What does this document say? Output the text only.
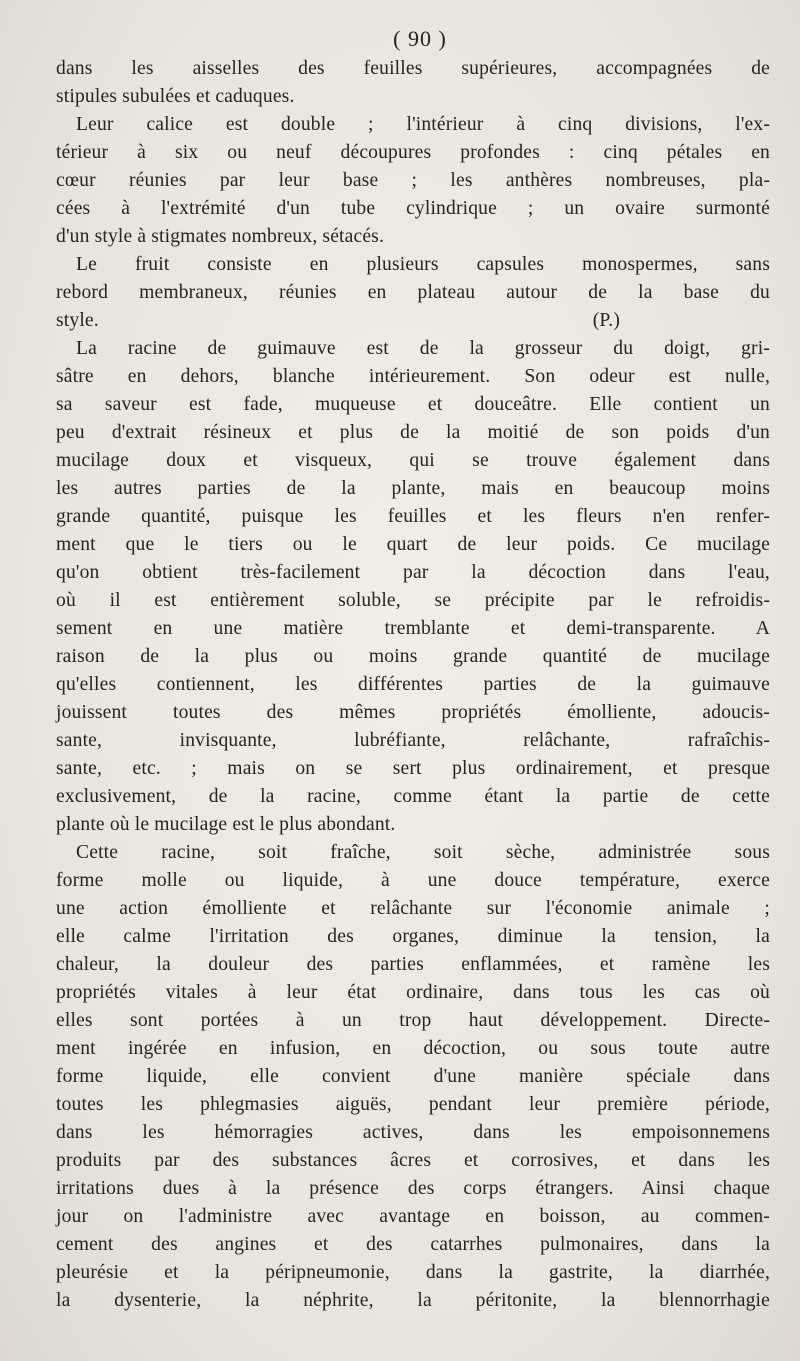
( 90 )
dans les aisselles des feuilles supérieures, accompagnées de
stipules subulées et caduques.
Leur calice est double ; l'intérieur à cinq divisions, l'ex-
térieur à six ou neuf découpures profondes : cinq pétales en
cœur réunies par leur base ; les anthères nombreuses, pla-
cées à l'extrémité d'un tube cylindrique ; un ovaire surmonté
d'un style à stigmates nombreux, sétacés.
Le fruit consiste en plusieurs capsules monospermes, sans
rebord membraneux, réunies en plateau autour de la base du
style.	(P.)
La racine de guimauve est de la grosseur du doigt, gri-
sâtre en dehors, blanche intérieurement. Son odeur est nulle,
sa saveur est fade, muqueuse et douceâtre. Elle contient un
peu d'extrait résineux et plus de la moitié de son poids d'un
mucilage doux et visqueux, qui se trouve également dans
les autres parties de la plante, mais en beaucoup moins
grande quantité, puisque les feuilles et les fleurs n'en renfer-
ment que le tiers ou le quart de leur poids. Ce mucilage
qu'on obtient très-facilement par la décoction dans l'eau,
où il est entièrement soluble, se précipite par le refroidis-
sement en une matière tremblante et demi-transparente. A
raison de la plus ou moins grande quantité de mucilage
qu'elles contiennent, les différentes parties de la guimauve
jouissent toutes des mêmes propriétés émolliente, adoucis-
sante, invisquante, lubréfiante, relâchante, rafraîchis-
sante, etc. ; mais on se sert plus ordinairement, et presque
exclusivement, de la racine, comme étant la partie de cette
plante où le mucilage est le plus abondant.
Cette racine, soit fraîche, soit sèche, administrée sous
forme molle ou liquide, à une douce température, exerce
une action émolliente et relâchante sur l'économie animale ;
elle calme l'irritation des organes, diminue la tension, la
chaleur, la douleur des parties enflammées, et ramène les
propriétés vitales à leur état ordinaire, dans tous les cas où
elles sont portées à un trop haut développement. Directe-
ment ingérée en infusion, en décoction, ou sous toute autre
forme liquide, elle convient d'une manière spéciale dans
toutes les phlegmasies aiguës, pendant leur première période,
dans les hémorragies actives, dans les empoisonnemens
produits par des substances âcres et corrosives, et dans les
irritations dues à la présence des corps étrangers. Ainsi chaque
jour on l'administre avec avantage en boisson, au commen-
cement des angines et des catarrhes pulmonaires, dans la
pleurésie et la péripneumonie, dans la gastrite, la diarrhée,
la dysenterie, la néphrite, la péritonite, la blennorrhagie
